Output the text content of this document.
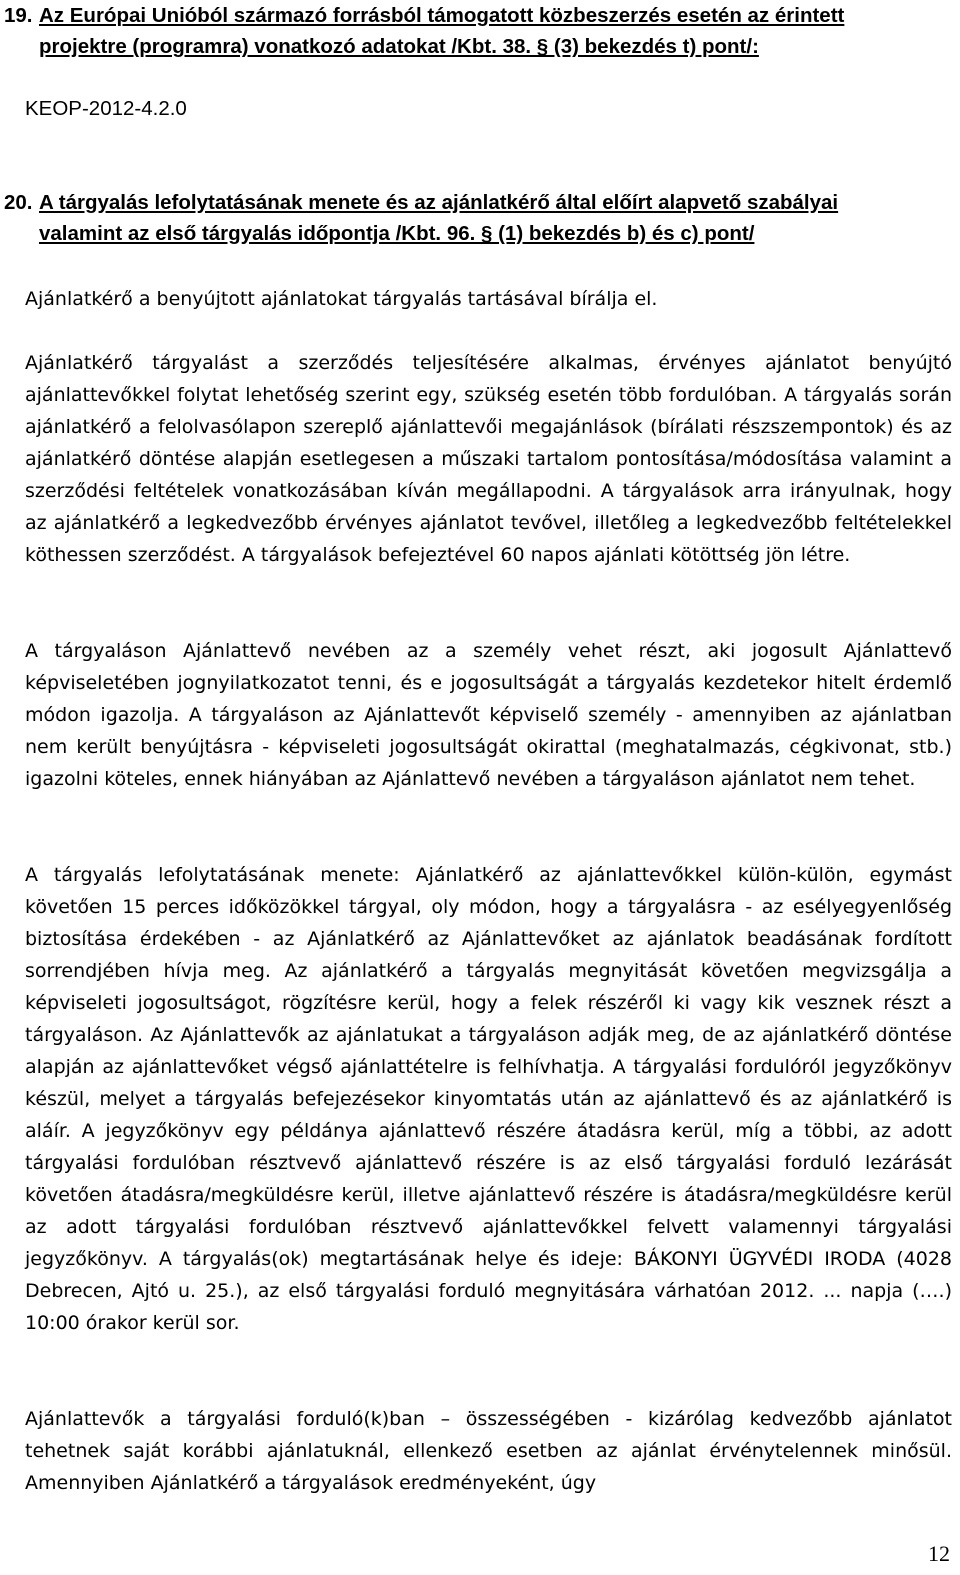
19. Az Európai Unióból származó forrásból támogatott közbeszerzés esetén az érintett
projektre (programra) vonatkozó adatokat /Kbt. 38. § (3) bekezdés t) pont/:

KEOP-2012-4.2.0

20. A tárgyalás lefolytatásának menete és az ajánlatkérő által előírt alapvető szabályai
valamint az első tárgyalás időpontja /Kbt. 96. § (1) bekezdés b) és c) pont/

Ajánlatkérő a benyújtott ajánlatokat tárgyalás tartásával bírálja el.

Ajánlatkérő tárgyalást a szerződés teljesítésére alkalmas, érvényes ajánlatot benyújtó ajánlattevőkkel folytat lehetőség szerint egy, szükség esetén több fordulóban. A tárgyalás során ajánlatkérő a felolvasólapon szereplő ajánlattevői megajánlások (bírálati részszempontok) és az ajánlatkérő döntése alapján esetlegesen a műszaki tartalom pontosítása/módosítása valamint a szerződési feltételek vonatkozásában kíván megállapodni. A tárgyalások arra irányulnak, hogy az ajánlatkérő a legkedvezőbb érvényes ajánlatot tevővel, illetőleg a legkedvezőbb feltételekkel köthessen szerződést. A tárgyalások befejeztével 60 napos ajánlati kötöttség jön létre.

A tárgyaláson Ajánlattevő nevében az a személy vehet részt, aki jogosult Ajánlattevő képviseletében jognyilatkozatot tenni, és e jogosultságát a tárgyalás kezdetekor hitelt érdemlő módon igazolja. A tárgyaláson az Ajánlattevőt képviselő személy - amennyiben az ajánlatban nem került benyújtásra - képviseleti jogosultságát okirattal (meghatalmazás, cégkivonat, stb.) igazolni köteles, ennek hiányában az Ajánlattevő nevében a tárgyaláson ajánlatot nem tehet.

A tárgyalás lefolytatásának menete: Ajánlatkérő az ajánlattevőkkel külön-külön, egymást követően 15 perces időközökkel tárgyal, oly módon, hogy a tárgyalásra - az esélyegyenlőség biztosítása érdekében - az Ajánlatkérő az Ajánlattevőket az ajánlatok beadásának fordított sorrendjében hívja meg. Az ajánlatkérő a tárgyalás megnyitását követően megvizsgálja a képviseleti jogosultságot, rögzítésre kerül, hogy a felek részéről ki vagy kik vesznek részt a tárgyaláson. Az Ajánlattevők az ajánlatukat a tárgyaláson adják meg, de az ajánlatkérő döntése alapján az ajánlattevőket végső ajánlattételre is felhívhatja. A tárgyalási fordulóról jegyzőkönyv készül, melyet a tárgyalás befejezésekor kinyomtatás után az ajánlattevő és az ajánlatkérő is aláír. A jegyzőkönyv egy példánya ajánlattevő részére átadásra kerül, míg a többi, az adott tárgyalási fordulóban résztvevő ajánlattevő részére is az első tárgyalási forduló lezárását követően átadásra/megküldésre kerül, illetve ajánlattevő részére is átadásra/megküldésre kerül az adott tárgyalási fordulóban résztvevő ajánlattevőkkel felvett valamennyi tárgyalási jegyzőkönyv. A tárgyalás(ok) megtartásának helye és ideje: BÁKONYI ÜGYVÉDI IRODA (4028 Debrecen, Ajtó u. 25.), az első tárgyalási forduló megnyitására várhatóan 2012. ... napja (….) 10:00 órakor kerül sor.

Ajánlattevők a tárgyalási forduló(k)ban – összességében - kizárólag kedvezőbb ajánlatot tehetnek saját korábbi ajánlatuknál, ellenkező esetben az ajánlat érvénytelennek minősül. Amennyiben Ajánlatkérő a tárgyalások eredményeként, úgy

12
